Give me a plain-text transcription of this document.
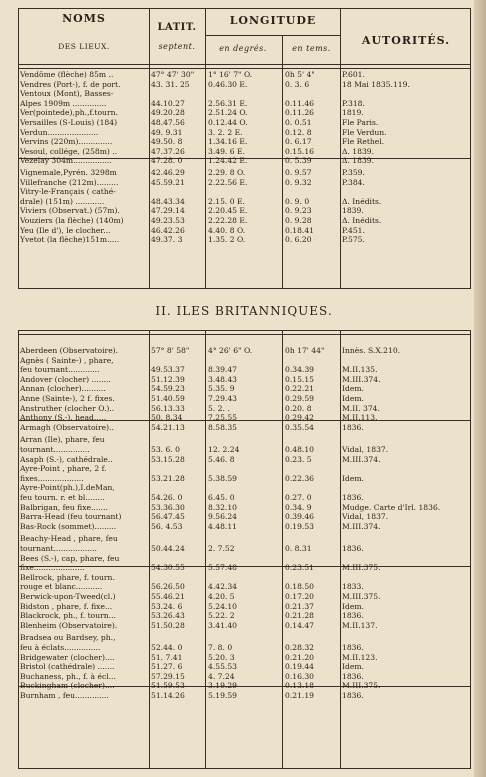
NOMS
DES LIEUX.
LATIT.
septent.
LONGITUDE
en degrés.	en tems.
AUTORITÉS.
II. ILES BRITANNIQUES.
Vendôme (flèche) 85m ..	47° 47' 30"	1° 16' 7" O.	0h 5' 4"	P.601.
Vendres (Port-), f. de port.	43. 31. 25	0.46.30 E.	0. 3. 6	18 Mai 1835.119.
Ventoux (Mont), Basses-
Alpes 1909m ..............	44.10.27	2.56.31 E.	0.11.46	P.318.
Ver(pointede),ph.,f.tourn.	49.20.28	2.51.24 O.	0.11.26	1819.
Versailles (S-Louis) (184)	48.47.56	0.12.44 O.	0. 0.51	Fle Paris.
Verdun.....................	49. 9.31	3. 2. 2 E.	0.12. 8	Fle Verdun.
Vervins (220m)..............	49.50. 8	1.34.16 E.	0. 6.17	Fle Rethel.
Vesoul, collége, (258m) ..	47.37.26	3.49. 6 E.	0.15.16	Δ. 1839.
Vezelay 304m................	47.28. 0	1.24.42 E.	0. 5.39	Δ. 1839.
Vignemale,Pyrén. 3298m	42.46.29	2.29. 8 O.	0. 9.57	P.359.
Villefranche (212m).........	45.59.21	2.22.56 E.	0. 9.32	P.384.
Vitry-le-Français ( cathé-
drale) (151m) ............	48.43.34	2.15. 0 E.	0. 9. 0	Δ. Inédits.
Viviers (Observat.) (57m).	47.29.14	2.20.45 E.	0. 9.23	1839.
Vouziers (la flèche) (140m)	49.23.53	2.22.28 E.	0. 9.28	Δ. Inédits.
Yeu (Ile d'), le clocher...	46.42.26	4.40. 8 O.	0.18.41	P.451.
Yvetot (la flèche)151m.....	49.37. 3	1.35. 2 O.	0. 6.20	P.575.
Aberdeen (Observatoire).	57° 8' 58"	4° 26' 6" O.	0h 17' 44"	Innès. S.X.210.
Agnès ( Sainte-) , phare,
feu tournant.............	49.53.37	8.39.47	0.34.39	M.II.135.
Andover (clocher) ........	51.12.39	3.48.43	0.15.15	M.III.374.
Annan (clocher)..........	54.59.23	5.35. 9	0.22.21	Idem.
Anne (Sainte-), 2 f. fixes.	51.40.59	7.29.43	0.29.59	Idem.
Anstruther (clocher O.)..	56.13.33	5. 2. .	0.20. 8	M.II. 374.
Anthony (S.-), head.....	50. 8.34	7.25.55	0.29.42	M.II.113.
Armagh (Observatoire)..	54.21.13	8.58.35	0.35.54	1836.
Arran (Ile), phare, feu
tournant...............	53. 6. 0	12. 2.24	0.48.10	Vidal, 1837.
Asaph (S.-), cathédrale..	53.15.28	5.46. 8	0.23. 5	M.III.374.
Ayre-Point , phare, 2 f.
fixes...................	53.21.28	5.38.59	0.22.36	Idem.
Ayre-Point(ph.),I.deMan,
feu tourn. r. et bl........	54.26. 0	6.45. 0	0.27. 0	1836.
Balbrigan, feu fixe.......	53.36.30	8.32.10	0.34. 9	Mudge. Carte d'Irl. 1836.
Barra-Head (feu tournant)	56.47.45	9.56.24	0.39.46	Vidal, 1837.
Bas-Rock (sommet).........	56. 4.53	4.48.11	0.19.53	M.III.374.
Beachy-Head , phare, feu
tournant..................	50.44.24	2. 7.52	0. 8.31	1836.
Bees (S.-), cap, phare, feu
fixe.....................	54.30.55	5.57.48	0.23.51	M.III.375.
Bellrock, phare, f. tourn.
rouge et blanc...........	56.26.50	4.42.34	0.18.50	1833.
Berwick-upon-Tweed(cl.)	55.46.21	4.20. 5	0.17.20	M.III.375.
Bidston , phare, f. fixe...	53.24. 6	5.24.10	0.21.37	Idem.
Blackrock, ph., f. tourn...	53.26.43	5.22. 2	0.21.28	1836.
Blenheim (Observatoire).	51.50.28	3.41.40	0.14.47	M.II.137.
Bradsea ou Bardsey, ph.,
feu à éclats...............	52.44. 0	7. 8. 0	0.28.32	1836.
Bridgewater (clocher)....	51. 7.41	5.20. 3	0.21.20	M.II.123.
Bristol (cathédrale) .......	51.27. 6	4.55.53	0.19.44	Idem.
Buchaness, ph., f. à écl...	57.29.15	4. 7.24	0.16.30	1836.
Buckingham (clocher)....	51.59.53	3.19.29	0.13.18	M.III.375.
Burnham , feu..............	51.14.26	5.19.59	0.21.19	1836.
